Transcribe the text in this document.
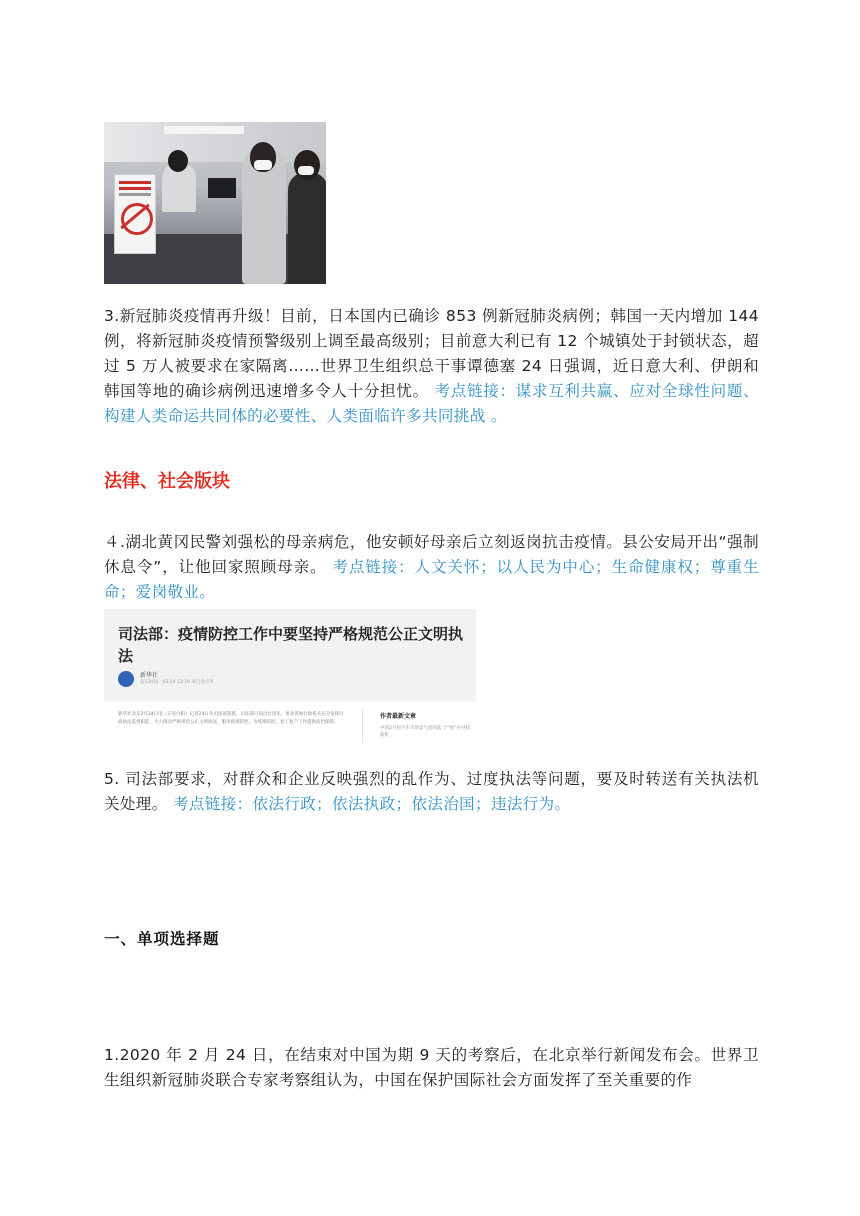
3.新冠肺炎疫情再升级！目前，日本国内已确诊 853 例新冠肺炎病例；韩国一天内增加 144 例，将新冠肺炎疫情预警级别上调至最高级别；目前意大利已有 12 个城镇处于封锁状态，超过 5 万人被要求在家隔离……世界卫生组织总干事谭德塞 24 日强调，近日意大利、伊朗和韩国等地的确诊病例迅速增多令人十分担忧。 考点链接：谋求互利共赢、应对全球性问题、构建人类命运共同体的必要性、人类面临许多共同挑战 。

法律、社会版块

４.湖北黄冈民警刘强松的母亲病危，他安顿好母亲后立刻返岗抗击疫情。县公安局开出“强制休息令”，让他回家照顾母亲。 考点链接：人文关怀；以人民为中心；生命健康权；尊重生命；爱岗敬业。

司法部：疫情防控工作中要坚持严格规范公正文明执法

新华社
发布时间：03-24 22:16 来自北京市
新华社北京2月24日电（记者白阳）记者24日从司法部获悉，司法部日前出台意见，要求各地行政机关充分发挥行政执法监督职能，大力推动严格规范公正文明执法，服务疫情防控，为疫情防控、复工复产工作提供法治保障。
作者最新文章
中国2月份汽车市场景气度回落 于“疫”中寻找新机

5. 司法部要求，对群众和企业反映强烈的乱作为、过度执法等问题，要及时转送有关执法机关处理。 考点链接：依法行政；依法执政；依法治国；违法行为。

一、单项选择题

1.2020 年 2 月 24 日，在结束对中国为期 9 天的考察后，在北京举行新闻发布会。世界卫生组织新冠肺炎联合专家考察组认为，中国在保护国际社会方面发挥了至关重要的作
